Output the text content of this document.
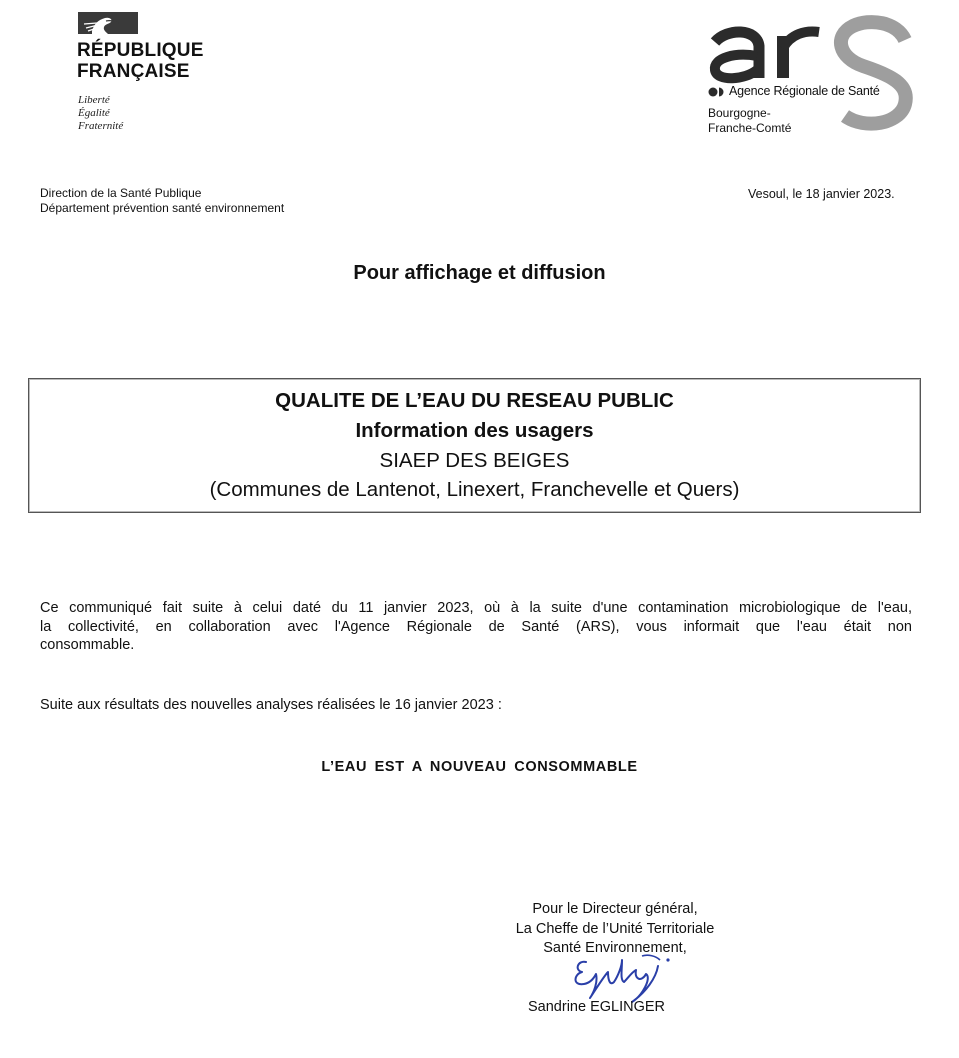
RÉPUBLIQUE
FRANÇAISE
Liberté
Égalité
Fraternité
Agence Régionale de Santé
Bourgogne-
Franche-Comté
Direction de la Santé Publique
Département prévention santé environnement
Vesoul, le 18 janvier 2023.
Pour affichage et diffusion
QUALITE DE L’EAU DU RESEAU PUBLIC
Information des usagers
SIAEP DES BEIGES
(Communes de Lantenot, Linexert, Franchevelle et Quers)
Ce communiqué fait suite à celui daté du 11 janvier 2023, où à la suite d'une contamination microbiologique de l'eau,
la collectivité, en collaboration avec l'Agence Régionale de Santé (ARS), vous informait que l'eau était non
consommable.
Suite aux résultats des nouvelles analyses réalisées le 16 janvier 2023 :
L’EAU EST A NOUVEAU CONSOMMABLE
Pour le Directeur général,
La Cheffe de l’Unité Territoriale
Santé Environnement,
Sandrine EGLINGER
